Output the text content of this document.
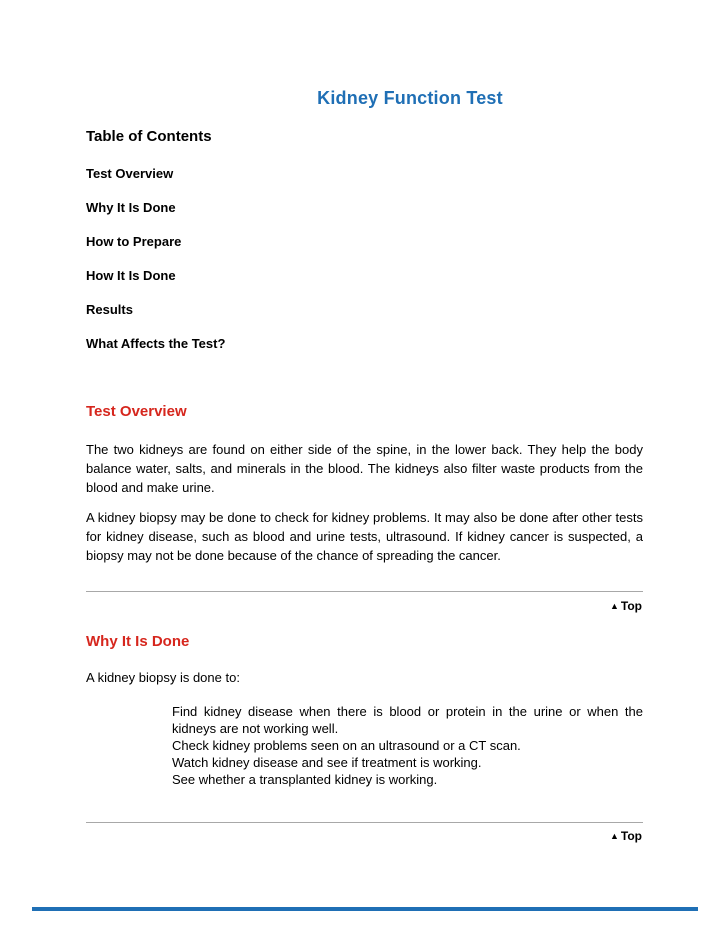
Kidney Function Test
Table of Contents
Test Overview
Why It Is Done
How to Prepare
How It Is Done
Results
What Affects the Test?
Test Overview

The two kidneys are found on either side of the spine, in the lower back. They help the body balance water, salts, and minerals in the blood. The kidneys also filter waste products from the blood and make urine.

A kidney biopsy may be done to check for kidney problems. It may also be done after other tests for kidney disease, such as blood and urine tests, ultrasound. If kidney cancer is suspected, a biopsy may not be done because of the chance of spreading the cancer.

▲ Top
Why It Is Done

A kidney biopsy is done to:

Find kidney disease when there is blood or protein in the urine or when the kidneys are not working well.
Check kidney problems seen on an ultrasound or a CT scan.
Watch kidney disease and see if treatment is working.
See whether a transplanted kidney is working.
▲ Top
